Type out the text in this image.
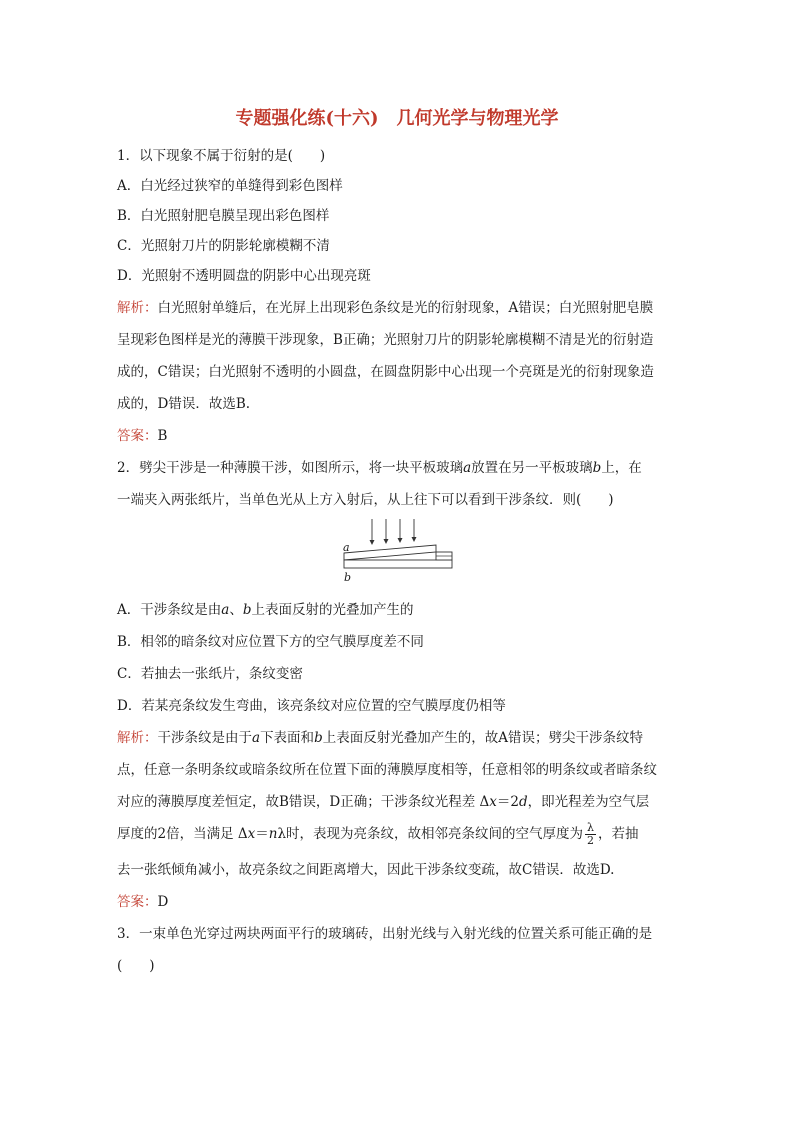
专题强化练(十六)　几何光学与物理光学
1．以下现象不属于衍射的是(　　)
A．白光经过狭窄的单缝得到彩色图样
B．白光照射肥皂膜呈现出彩色图样
C．光照射刀片的阴影轮廓模糊不清
D．光照射不透明圆盘的阴影中心出现亮斑
解析：白光照射单缝后，在光屏上出现彩色条纹是光的衍射现象，A错误；白光照射肥皂膜
呈现彩色图样是光的薄膜干涉现象，B正确；光照射刀片的阴影轮廓模糊不清是光的衍射造
成的，C错误；白光照射不透明的小圆盘，在圆盘阴影中心出现一个亮斑是光的衍射现象造
成的，D错误．故选B.
答案：B
2．劈尖干涉是一种薄膜干涉，如图所示，将一块平板玻璃a放置在另一平板玻璃b上，在
一端夹入两张纸片，当单色光从上方入射后，从上往下可以看到干涉条纹．则(　　)
a
b
A．干涉条纹是由a、b上表面反射的光叠加产生的
B．相邻的暗条纹对应位置下方的空气膜厚度差不同
C．若抽去一张纸片，条纹变密
D．若某亮条纹发生弯曲，该亮条纹对应位置的空气膜厚度仍相等
解析：干涉条纹是由于a下表面和b上表面反射光叠加产生的，故A错误；劈尖干涉条纹特
点，任意一条明条纹或暗条纹所在位置下面的薄膜厚度相等，任意相邻的明条纹或者暗条纹
对应的薄膜厚度差恒定，故B错误，D正确；干涉条纹光程差 Δx＝2d，即光程差为空气层
厚度的2倍，当满足 Δx＝nλ时，表现为亮条纹，故相邻亮条纹间的空气厚度为 $\frac{\lambda}{2}$ ，若抽
去一张纸倾角减小，故亮条纹之间距离增大，因此干涉条纹变疏，故C错误．故选D.
答案：D
3．一束单色光穿过两块两面平行的玻璃砖，出射光线与入射光线的位置关系可能正确的是
(　　)
